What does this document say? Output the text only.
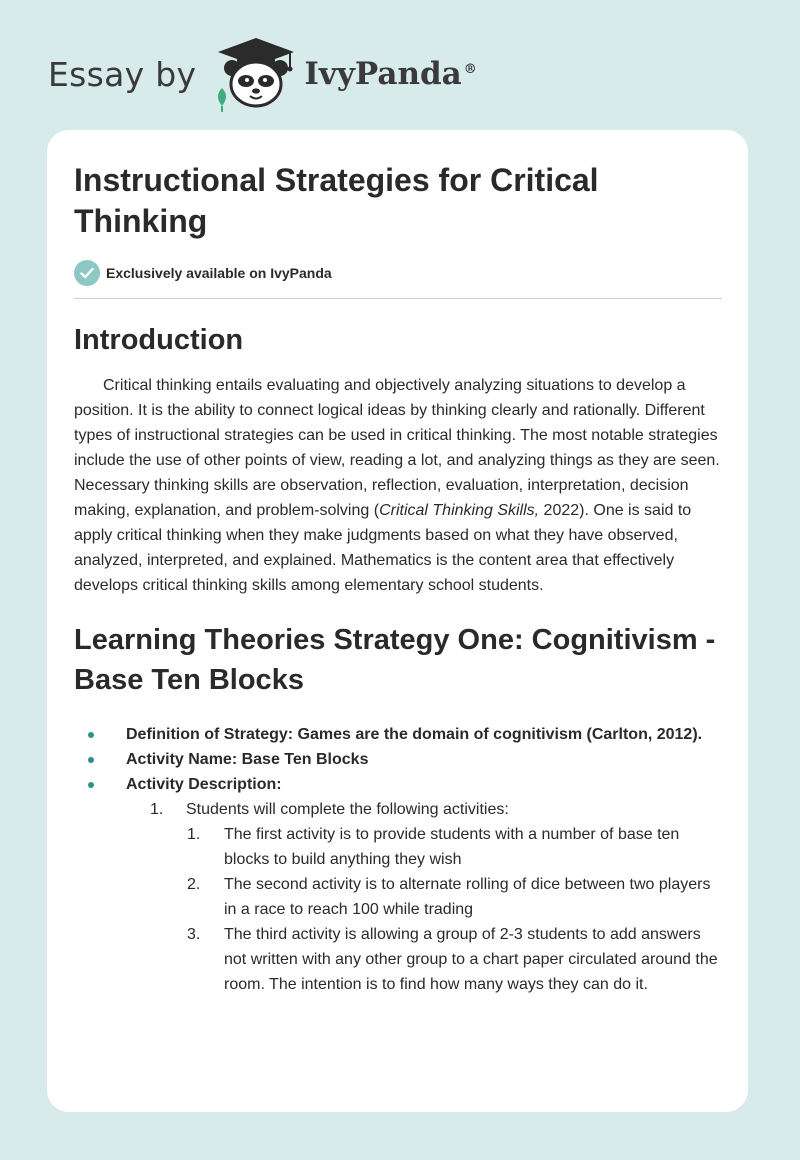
Essay by	IvyPanda ®
Instructional Strategies for Critical Thinking
Exclusively available on IvyPanda
Introduction

Critical thinking entails evaluating and objectively analyzing situations to develop a position. It is the ability to connect logical ideas by thinking clearly and rationally. Different types of instructional strategies can be used in critical thinking. The most notable strategies include the use of other points of view, reading a lot, and analyzing things as they are seen. Necessary thinking skills are observation, reflection, evaluation, interpretation, decision making, explanation, and problem-solving (Critical Thinking Skills, 2022). One is said to apply critical thinking when they make judgments based on what they have observed, analyzed, interpreted, and explained. Mathematics is the content area that effectively develops critical thinking skills among elementary school students.

Learning Theories Strategy One: Cognitivism - Base Ten Blocks
Definition of Strategy: Games are the domain of cognitivism (Carlton, 2012).
Activity Name: Base Ten Blocks
Activity Description:
1. Students will complete the following activities:
1. The first activity is to provide students with a number of base ten blocks to build anything they wish
2. The second activity is to alternate rolling of dice between two players in a race to reach 100 while trading
3. The third activity is allowing a group of 2-3 students to add answers not written with any other group to a chart paper circulated around the room. The intention is to find how many ways they can do it.
